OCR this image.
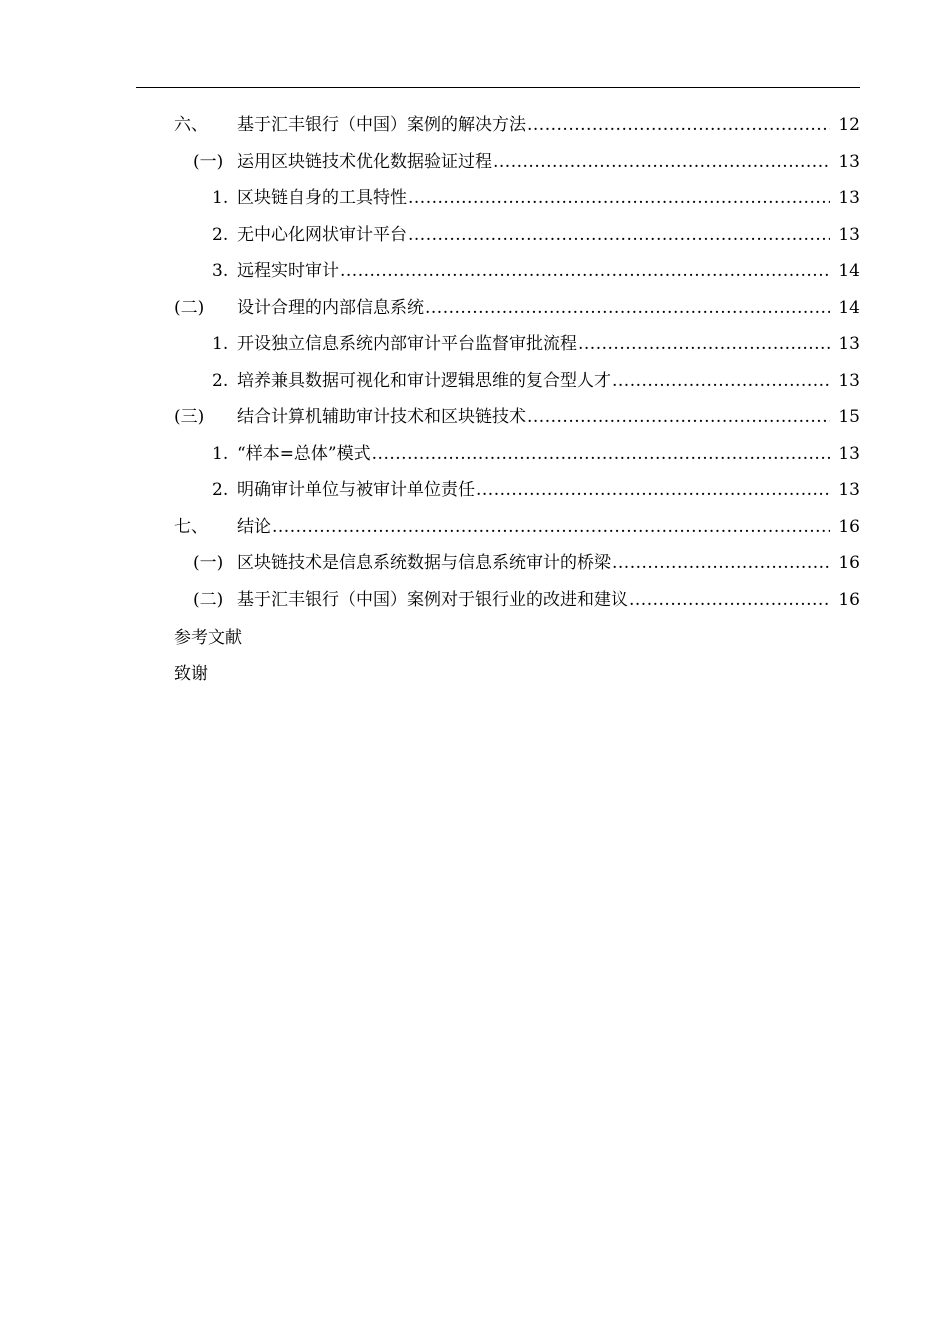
六、 基于汇丰银行（中国）案例的解决方法 .....	12
(一) 运用区块链技术优化数据验证过程 .....	13
1. 区块链自身的工具特性 .....	13
2. 无中心化网状审计平台 .....	13
3. 远程实时审计 .....	14
(二) 设计合理的内部信息系统 .....	14
1. 开设独立信息系统内部审计平台监督审批流程 .....	13
2. 培养兼具数据可视化和审计逻辑思维的复合型人才 .....	13
(三) 结合计算机辅助审计技术和区块链技术 .....	15
1. “样本=总体”模式 .....	13
2. 明确审计单位与被审计单位责任 .....	13
七、 结论 .....	16
(一) 区块链技术是信息系统数据与信息系统审计的桥梁 .....	16
(二) 基于汇丰银行（中国）案例对于银行业的改进和建议 .....	16
参考文献
致谢
